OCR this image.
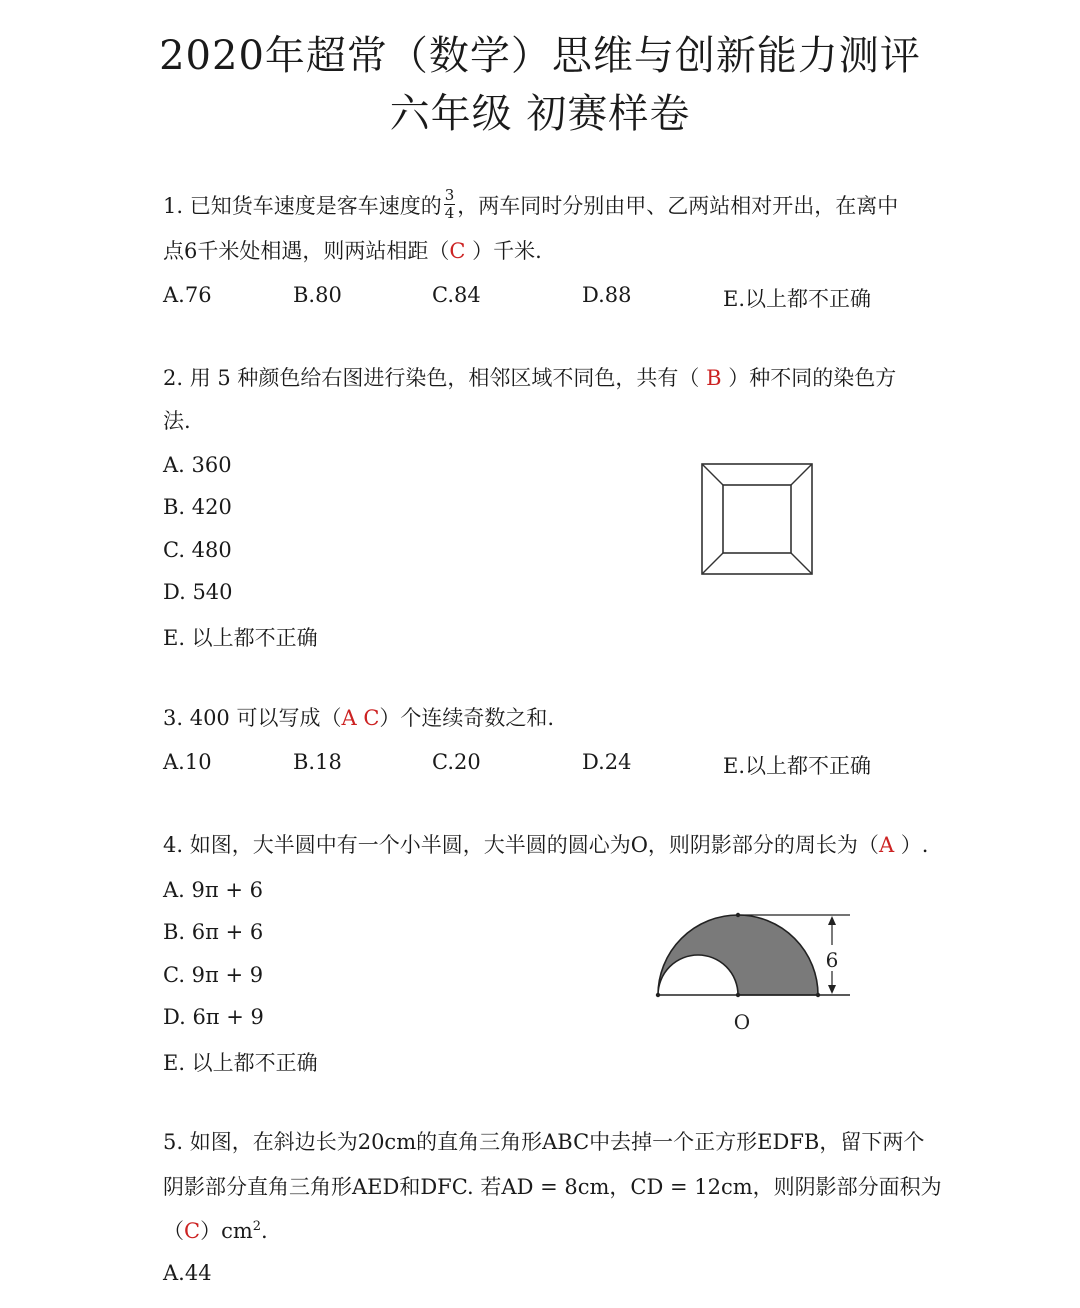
2020年超常（数学）思维与创新能力测评
六年级 初赛样卷
1. 已知货车速度是客车速度的 $\frac{3}{4}$ ，两车同时分别由甲、乙两站相对开出，在离中
点6千米处相遇，则两站相距（C ）千米.
A.76	B.80	C.84	D.88	E.以上都不正确
2. 用 5 种颜色给右图进行染色，相邻区域不同色，共有（ B ）种不同的染色方
法.
A. 360
B. 420
C. 480
D. 540
E. 以上都不正确
3. 400 可以写成（A C）个连续奇数之和.
A.10	B.18	C.20	D.24	E.以上都不正确
4. 如图，大半圆中有一个小半圆，大半圆的圆心为O，则阴影部分的周长为（A ）.
A. 9π + 6
B. 6π + 6
C. 9π + 9
D. 6π + 9
E. 以上都不正确
6
O
5. 如图，在斜边长为20cm的直角三角形ABC中去掉一个正方形EDFB，留下两个
阴影部分直角三角形AED和DFC. 若AD = 8cm，CD = 12cm，则阴影部分面积为
$(C)cm^2$.
A.44
